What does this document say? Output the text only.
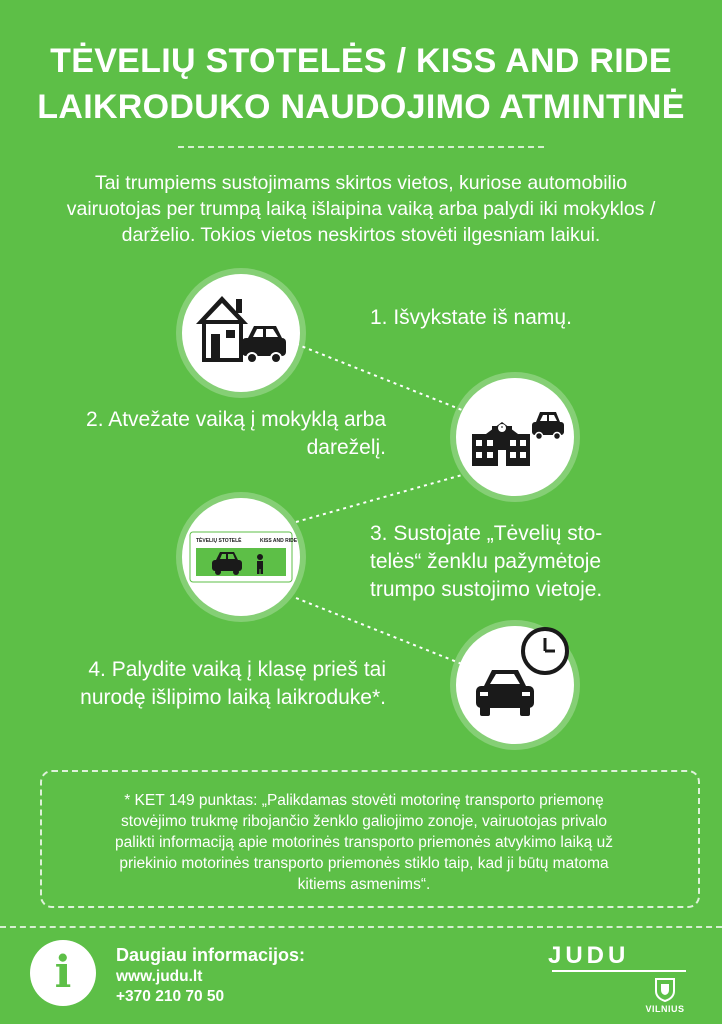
TĖVELIŲ STOTELĖS / KISS AND RIDE
LAIKRODUKO NAUDOJIMO ATMINTINĖ
Tai trumpiems sustojimams skirtos vietos, kuriose automobilio
vairuotojas per trumpą laiką išlaipina vaiką arba palydi iki mokyklos /
darželio. Tokios vietos neskirtos stovėti ilgesniam laikui.
1. Išvykstate iš namų.
2. Atvežate vaiką į mokyklą arba
dareželį.
TĖVELIŲ STOTELĖ	KISS AND RIDE	3. Sustojate „Tėvelių sto-
telės“ ženklu pažymėtoje
trumpo sustojimo vietoje.
4. Palydite vaiką į klasę prieš tai
nurodę išlipimo laiką laikroduke*.
* KET 149 punktas: „Palikdamas stovėti motorinę transporto priemonę
stovėjimo trukmę ribojančio ženklo galiojimo zonoje, vairuotojas privalo
palikti informaciją apie motorinės transporto priemonės atvykimo laiką už
priekinio motorinės transporto priemonės stiklo taip, kad ji būtų matoma
kitiems asmenims“.
i	Daugiau informacijos:
www.judu.lt
+370 210 70 50
JUDU
VILNIUS
